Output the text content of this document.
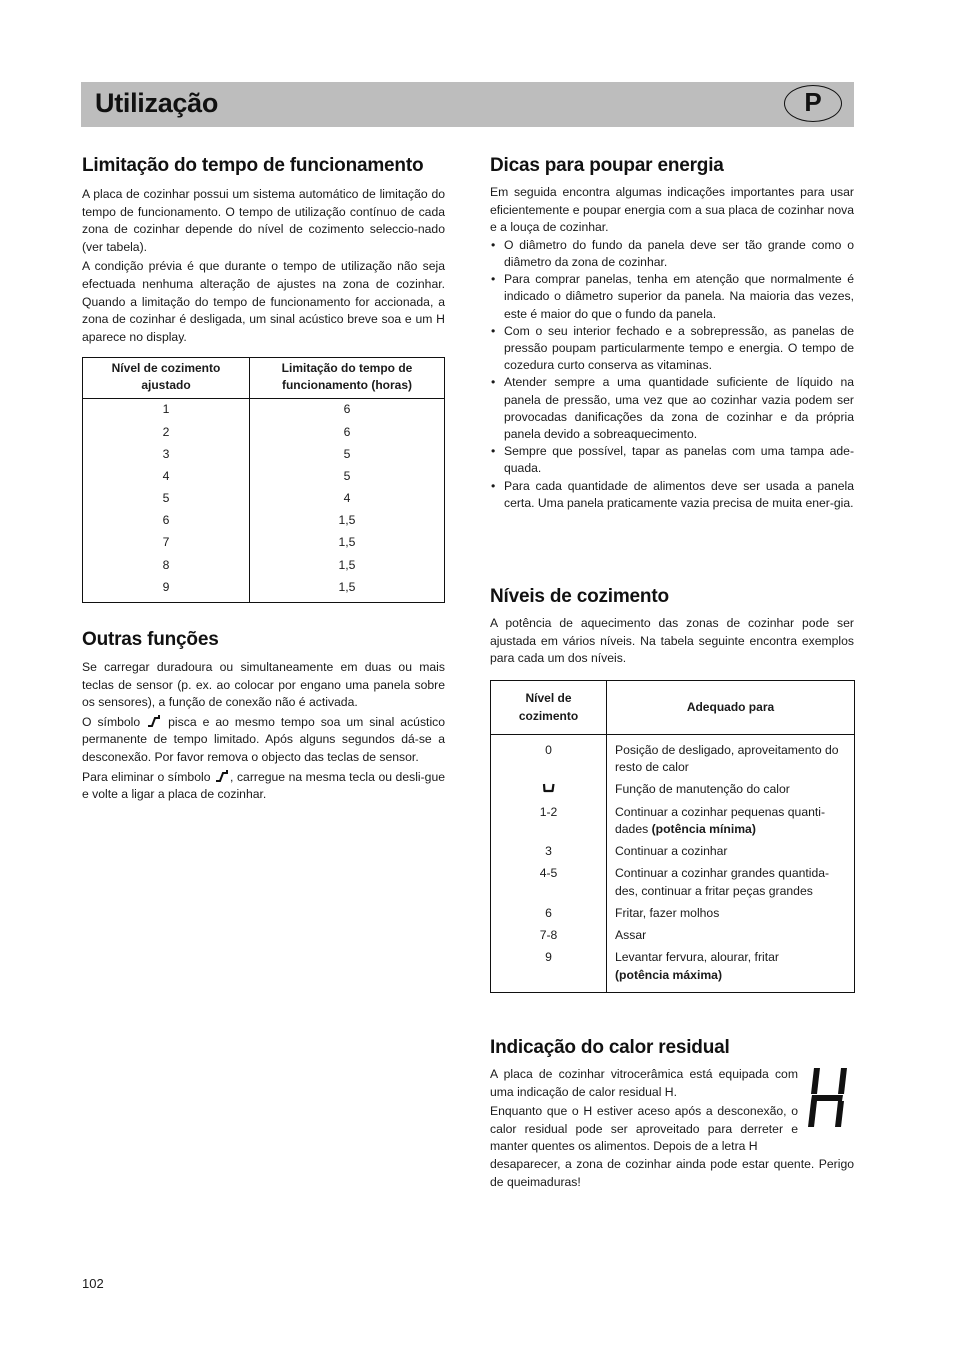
Utilização	P
Limitação do tempo de funcionamento

A placa de cozinhar possui um sistema automático de limitação do tempo de funcionamento. O tempo de utilização contínuo de cada zona de cozinhar depende do nível de cozimento seleccio-nado (ver tabela).

A condição prévia é que durante o tempo de utilização não seja efectuada nenhuma alteração de ajustes na zona de cozinhar. Quando a limitação do tempo de funcionamento for accionada, a zona de cozinhar é desligada, um sinal acústico breve soa e um H aparece no display.

Nível de cozimento ajustado	Limitação do tempo de funcionamento (horas)
1	6
2	6
3	5
4	5
5	4
6	1,5
7	1,5
8	1,5
9	1,5
Outras funções

Se carregar duradoura ou simultaneamente em duas ou mais teclas de sensor (p. ex. ao colocar por engano uma panela sobre os sensores), a função de conexão não é activada.

O símbolo pisca e ao mesmo tempo soa um sinal acústico permanente de tempo limitado. Após alguns segundos dá-se a desconexão. Por favor remova o objecto das teclas de sensor.

Para eliminar o símbolo , carregue na mesma tecla ou desli-gue e volte a ligar a placa de cozinhar.

Dicas para poupar energia

Em seguida encontra algumas indicações importantes para usar eficientemente e poupar energia com a sua placa de cozinhar nova e a louça de cozinhar.

• O diâmetro do fundo da panela deve ser tão grande como o diâmetro da zona de cozinhar.
• Para comprar panelas, tenha em atenção que normalmente é indicado o diâmetro superior da panela. Na maioria das vezes, este é maior do que o fundo da panela.
• Com o seu interior fechado e a sobrepressão, as panelas de pressão poupam particularmente tempo e energia. O tempo de cozedura curto conserva as vitaminas.
• Atender sempre a uma quantidade suficiente de líquido na panela de pressão, uma vez que ao cozinhar vazia podem ser provocadas danificações da zona de cozinhar e da própria panela devido a sobreaquecimento.
• Sempre que possível, tapar as panelas com uma tampa ade-quada.
• Para cada quantidade de alimentos deve ser usada a panela certa. Uma panela praticamente vazia precisa de muita ener-gia.
Níveis de cozimento

A potência de aquecimento das zonas de cozinhar pode ser ajustada em vários níveis. Na tabela seguinte encontra exemplos para cada um dos níveis.

Nível de cozimento	Adequado para
0	Posição de desligado, aproveitamento do resto de calor
	Função de manutenção do calor
1-2	Continuar a cozinhar pequenas quanti-dades (potência mínima)
3	Continuar a cozinhar
4-5	Continuar a cozinhar grandes quantida-des, continuar a fritar peças grandes
6	Fritar, fazer molhos
7-8	Assar
9	Levantar fervura, alourar, fritar
(potência máxima)
Indicação do calor residual

A placa de cozinhar vitrocerâmica está equipada com uma indicação de calor residual H.

Enquanto que o H estiver aceso após a desconexão, o calor residual pode ser aproveitado para derreter e manter quentes os alimentos. Depois de a letra H

desaparecer, a zona de cozinhar ainda pode estar quente. Perigo de queimaduras!

102
